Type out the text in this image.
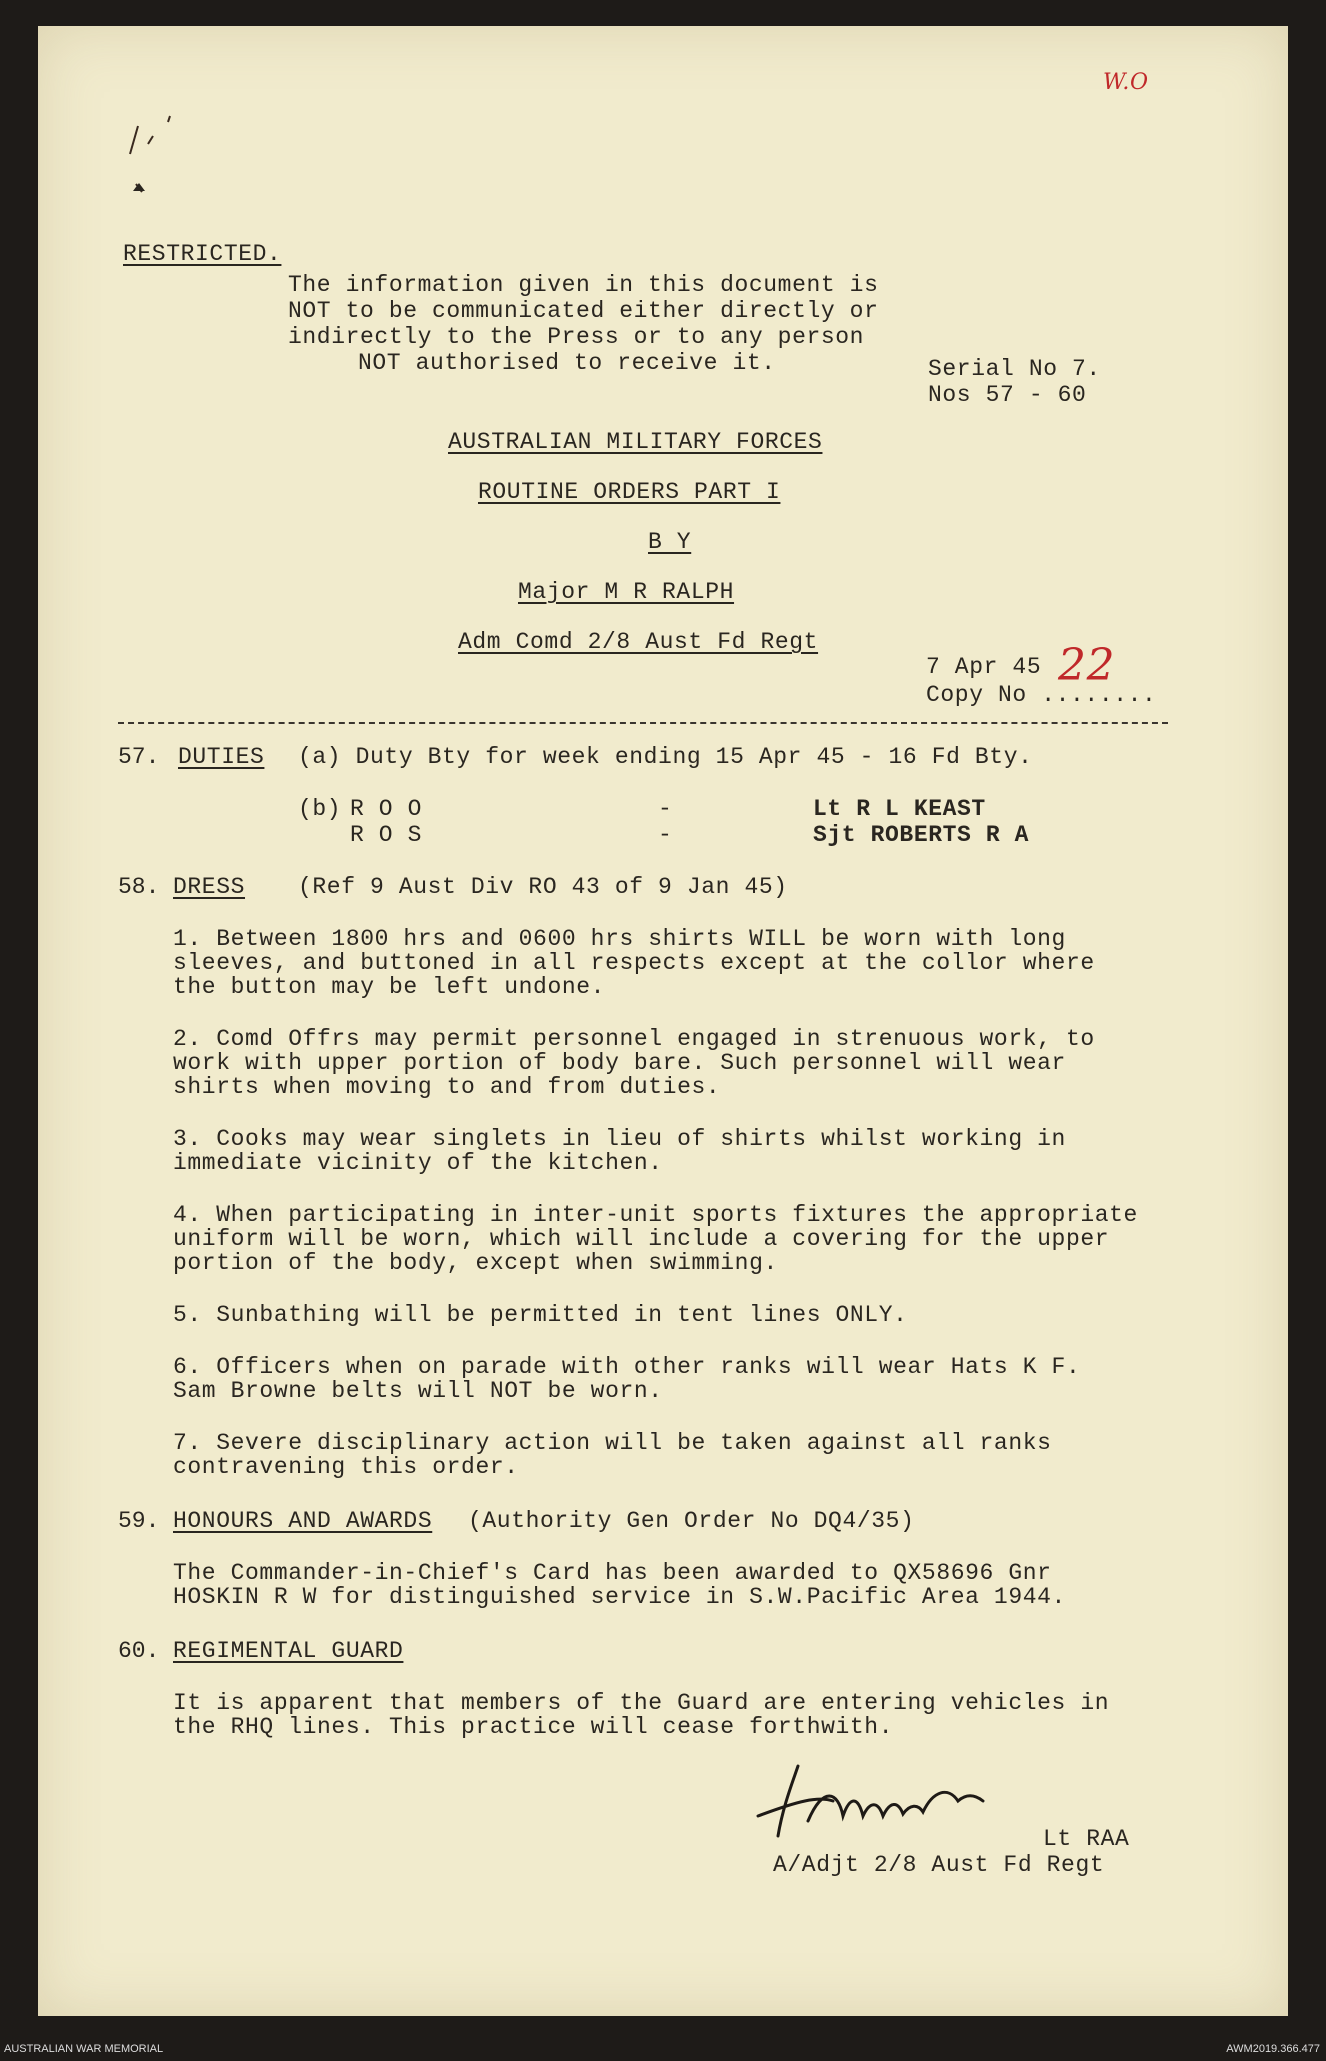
W.O
RESTRICTED.
The information given in this document is
NOT to be communicated either directly or
indirectly to the Press or to any person
NOT authorised to receive it.	Serial No 7.
Nos 57 - 60
AUSTRALIAN MILITARY FORCES
ROUTINE ORDERS PART I
B Y
Major M R RALPH
Adm Comd 2/8 Aust Fd Regt
7 Apr 45
Copy No ........
22
57. DUTIES (a) Duty Bty for week ending 15 Apr 45 - 16 Fd Bty.
(b) R O O
R O S
-
-
Lt R L KEAST
Sjt ROBERTS R A
58. DRESS (Ref 9 Aust Div RO 43 of 9 Jan 45)
1. Between 1800 hrs and 0600 hrs shirts WILL be worn with long
sleeves, and buttoned in all respects except at the collor where
the button may be left undone.
2. Comd Offrs may permit personnel engaged in strenuous work, to
work with upper portion of body bare. Such personnel will wear
shirts when moving to and from duties.
3. Cooks may wear singlets in lieu of shirts whilst working in
immediate vicinity of the kitchen.
4. When participating in inter-unit sports fixtures the appropriate
uniform will be worn, which will include a covering for the upper
portion of the body, except when swimming.
5. Sunbathing will be permitted in tent lines ONLY.
6. Officers when on parade with other ranks will wear Hats K F.
Sam Browne belts will NOT be worn.
7. Severe disciplinary action will be taken against all ranks
contravening this order.
59. HONOURS AND AWARDS (Authority Gen Order No DQ4/35)
The Commander-in-Chief's Card has been awarded to QX58696 Gnr
HOSKIN R W for distinguished service in S.W.Pacific Area 1944.
60. REGIMENTAL GUARD
It is apparent that members of the Guard are entering vehicles in
the RHQ lines. This practice will cease forthwith.
Lt RAA
A/Adjt 2/8 Aust Fd Regt
AUSTRALIAN WAR MEMORIAL	AWM2019.366.477
